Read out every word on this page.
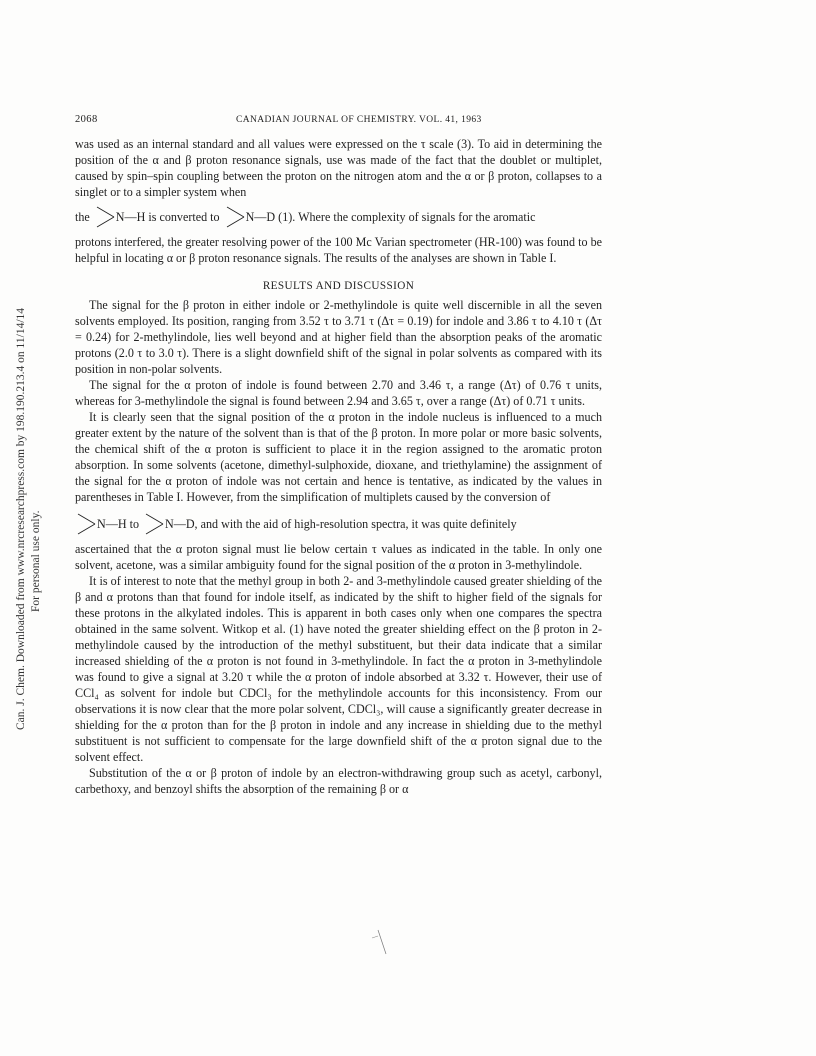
Can. J. Chem. Downloaded from www.nrcresearchpress.com by 198.190.213.4 on 11/14/14 For personal use only.
2068	CANADIAN JOURNAL OF CHEMISTRY. VOL. 41, 1963

was used as an internal standard and all values were expressed on the τ scale (3). To aid in determining the position of the α and β proton resonance signals, use was made of the fact that the doublet or multiplet, caused by spin–spin coupling between the proton on the nitrogen atom and the α or β proton, collapses to a singlet or to a simpler system when

the N—H is converted to N—D (1). Where the complexity of signals for the aromatic

protons interfered, the greater resolving power of the 100 Mc Varian spectrometer (HR-100) was found to be helpful in locating α or β proton resonance signals. The results of the analyses are shown in Table I.

RESULTS AND DISCUSSION

The signal for the β proton in either indole or 2-methylindole is quite well discernible in all the seven solvents employed. Its position, ranging from 3.52 τ to 3.71 τ (Δτ = 0.19) for indole and 3.86 τ to 4.10 τ (Δτ = 0.24) for 2-methylindole, lies well beyond and at higher field than the absorption peaks of the aromatic protons (2.0 τ to 3.0 τ). There is a slight downfield shift of the signal in polar solvents as compared with its position in non-polar solvents.

The signal for the α proton of indole is found between 2.70 and 3.46 τ, a range (Δτ) of 0.76 τ units, whereas for 3-methylindole the signal is found between 2.94 and 3.65 τ, over a range (Δτ) of 0.71 τ units.

It is clearly seen that the signal position of the α proton in the indole nucleus is influenced to a much greater extent by the nature of the solvent than is that of the β proton. In more polar or more basic solvents, the chemical shift of the α proton is sufficient to place it in the region assigned to the aromatic proton absorption. In some solvents (acetone, dimethyl-sulphoxide, dioxane, and triethylamine) the assignment of the signal for the α proton of indole was not certain and hence is tentative, as indicated by the values in parentheses in Table I. However, from the simplification of multiplets caused by the conversion of

N—H to N—D, and with the aid of high-resolution spectra, it was quite definitely

ascertained that the α proton signal must lie below certain τ values as indicated in the table. In only one solvent, acetone, was a similar ambiguity found for the signal position of the α proton in 3-methylindole.

It is of interest to note that the methyl group in both 2- and 3-methylindole caused greater shielding of the β and α protons than that found for indole itself, as indicated by the shift to higher field of the signals for these protons in the alkylated indoles. This is apparent in both cases only when one compares the spectra obtained in the same solvent. Witkop et al. (1) have noted the greater shielding effect on the β proton in 2-methylindole caused by the introduction of the methyl substituent, but their data indicate that a similar increased shielding of the α proton is not found in 3-methylindole. In fact the α proton in 3-methylindole was found to give a signal at 3.20 τ while the α proton of indole absorbed at 3.32 τ. However, their use of CCl₄ as solvent for indole but CDCl₃ for the methylindole accounts for this inconsistency. From our observations it is now clear that the more polar solvent, CDCl₃, will cause a significantly greater decrease in shielding for the α proton than for the β proton in indole and any increase in shielding due to the methyl substituent is not sufficient to compensate for the large downfield shift of the α proton signal due to the solvent effect.

Substitution of the α or β proton of indole by an electron-withdrawing group such as acetyl, carbonyl, carbethoxy, and benzoyl shifts the absorption of the remaining β or α
